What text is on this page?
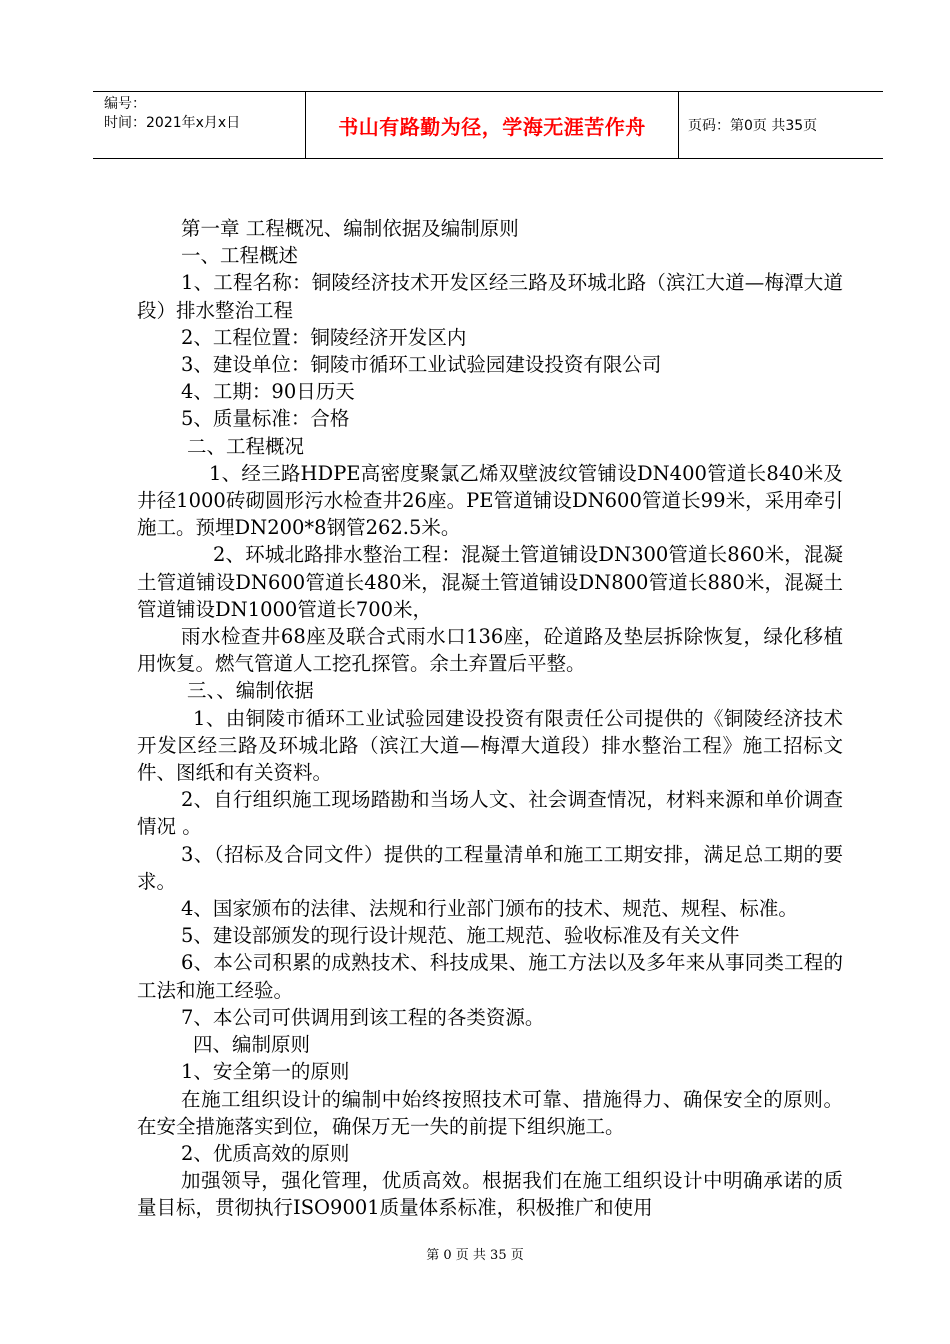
编号：
时间：2021年x月x日	书山有路勤为径，学海无涯苦作舟	页码：第0页 共35页

第一章 工程概况、编制依据及编制原则

一、工程概述

1、工程名称：铜陵经济技术开发区经三路及环城北路（滨江大道—梅潭大道段）排水整治工程

2、工程位置：铜陵经济开发区内

3、建设单位：铜陵市循环工业试验园建设投资有限公司

4、工期：90日历天

5、质量标准：合格

二、工程概况

1、经三路HDPE高密度聚氯乙烯双壁波纹管铺设DN400管道长840米及井径1000砖砌圆形污水检查井26座。PE管道铺设DN600管道长99米，采用牵引施工。预埋DN200*8钢管262.5米。

2、环城北路排水整治工程：混凝土管道铺设DN300管道长860米，混凝土管道铺设DN600管道长480米，混凝土管道铺设DN800管道长880米，混凝土管道铺设DN1000管道长700米，

雨水检查井68座及联合式雨水口136座，砼道路及垫层拆除恢复，绿化移植用恢复。燃气管道人工挖孔探管。余土弃置后平整。

三、、编制依据

1、由铜陵市循环工业试验园建设投资有限责任公司提供的《铜陵经济技术开发区经三路及环城北路（滨江大道—梅潭大道段）排水整治工程》施工招标文件、图纸和有关资料。

2、自行组织施工现场踏勘和当场人文、社会调查情况，材料来源和单价调查情况 。

3、（招标及合同文件）提供的工程量清单和施工工期安排，满足总工期的要求。

4、国家颁布的法律、法规和行业部门颁布的技术、规范、规程、标准。

5、建设部颁发的现行设计规范、施工规范、验收标准及有关文件

6、本公司积累的成熟技术、科技成果、施工方法以及多年来从事同类工程的工法和施工经验。

7、本公司可供调用到该工程的各类资源。

四、编制原则

1、安全第一的原则

在施工组织设计的编制中始终按照技术可靠、措施得力、确保安全的原则。在安全措施落实到位，确保万无一失的前提下组织施工。

2、优质高效的原则

加强领导，强化管理，优质高效。根据我们在施工组织设计中明确承诺的质量目标，贯彻执行ISO9001质量体系标准，积极推广和使用

第 0 页 共 35 页
